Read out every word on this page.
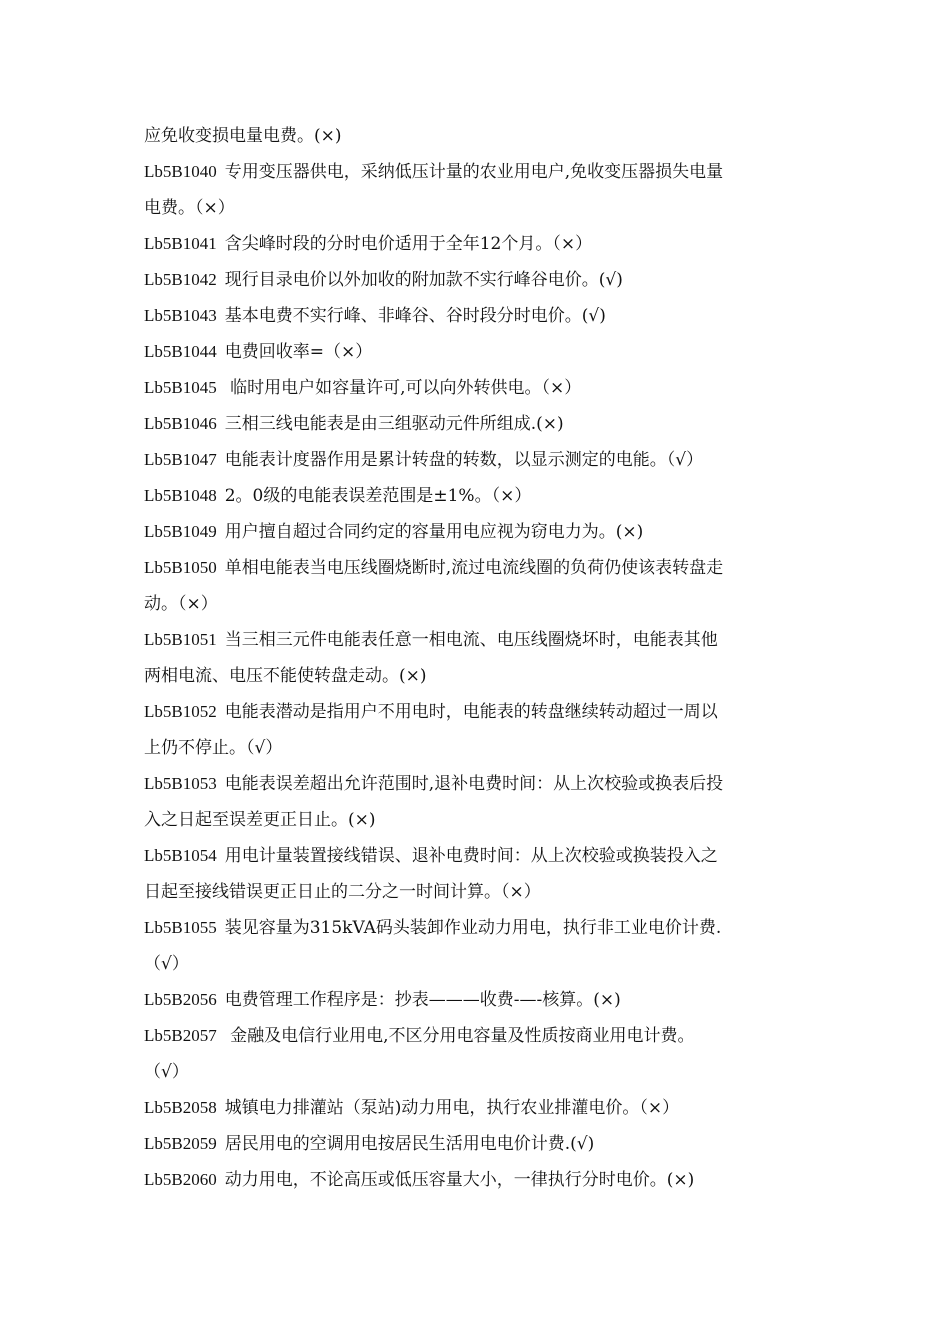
应免收变损电量电费。(×)
Lb5B1040 专用变压器供电，采纳低压计量的农业用电户,免收变压器损失电量
电费。（×）
Lb5B1041 含尖峰时段的分时电价适用于全年12个月。（×）
Lb5B1042 现行目录电价以外加收的附加款不实行峰谷电价。(√)
Lb5B1043 基本电费不实行峰、非峰谷、谷时段分时电价。(√)
Lb5B1044 电费回收率=（×）
Lb5B1045 临时用电户如容量许可,可以向外转供电。（×）
Lb5B1046 三相三线电能表是由三组驱动元件所组成.(×)
Lb5B1047 电能表计度器作用是累计转盘的转数，以显示测定的电能。（√）
Lb5B1048 2。0级的电能表误差范围是±1%。（×）
Lb5B1049 用户擅自超过合同约定的容量用电应视为窃电力为。(×)
Lb5B1050 单相电能表当电压线圈烧断时,流过电流线圈的负荷仍使该表转盘走
动。（×）
Lb5B1051 当三相三元件电能表任意一相电流、电压线圈烧坏时，电能表其他
两相电流、电压不能使转盘走动。(×)
Lb5B1052 电能表潜动是指用户不用电时，电能表的转盘继续转动超过一周以
上仍不停止。（√）
Lb5B1053 电能表误差超出允许范围时,退补电费时间：从上次校验或换表后投
入之日起至误差更正日止。(×)
Lb5B1054 用电计量装置接线错误、退补电费时间：从上次校验或换装投入之
日起至接线错误更正日止的二分之一时间计算。（×）
Lb5B1055 装见容量为315kVA码头装卸作业动力用电，执行非工业电价计费.
（√）
Lb5B2056 电费管理工作程序是：抄表———收费-—-核算。(×)
Lb5B2057 金融及电信行业用电,不区分用电容量及性质按商业用电计费。
（√）
Lb5B2058 城镇电力排灌站（泵站)动力用电，执行农业排灌电价。（×）
Lb5B2059 居民用电的空调用电按居民生活用电电价计费.(√)
Lb5B2060 动力用电，不论高压或低压容量大小，一律执行分时电价。(×)
